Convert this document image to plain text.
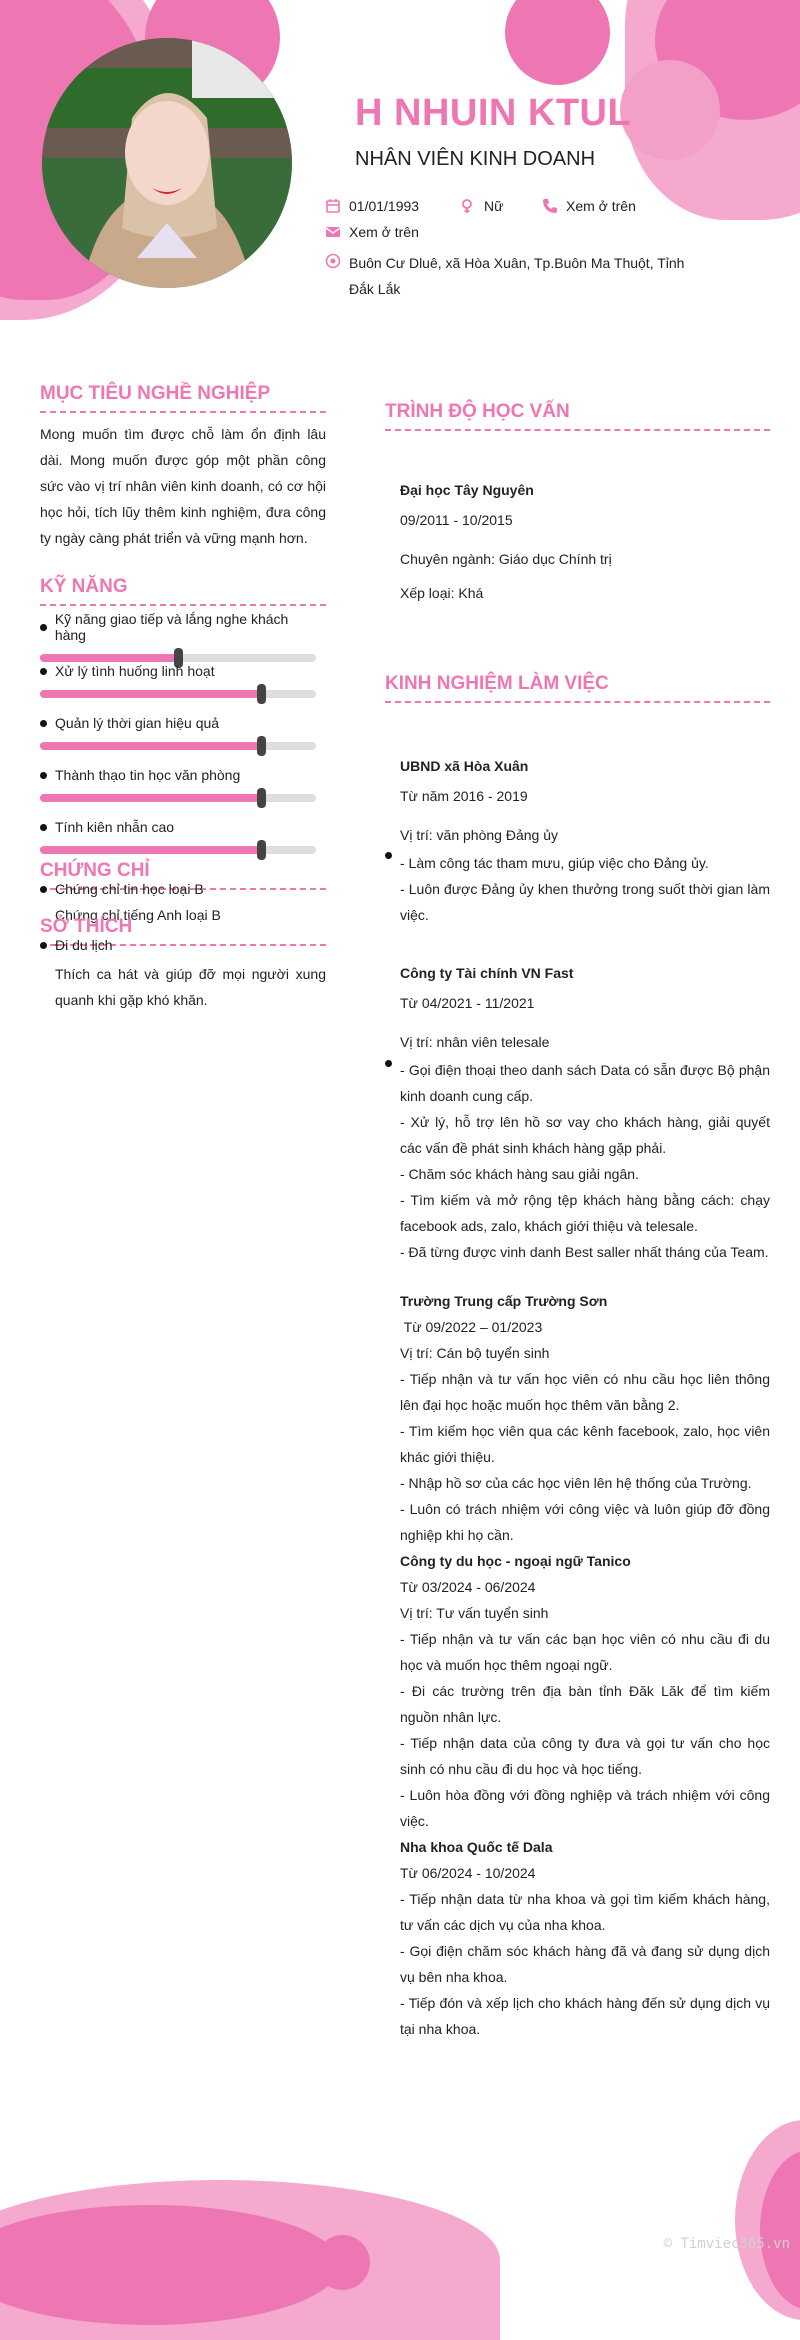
H NHUIN KTUL
NHÂN VIÊN KINH DOANH
01/01/1993	Nữ	Xem ở trên
Xem ở trên
Buôn Cư Dluê, xã Hòa Xuân, Tp.Buôn Ma Thuột, Tỉnh
Đắk Lắk
MỤC TIÊU NGHỀ NGHIỆP
Mong muốn tìm được chỗ làm ổn định lâu dài. Mong muốn được góp một phần công sức vào vị trí nhân viên kinh doanh, có cơ hội học hỏi, tích lũy thêm kinh nghiệm, đưa công ty ngày càng phát triển và vững mạnh hơn.
KỸ NĂNG
Kỹ năng giao tiếp và lắng nghe khách hàng
Xử lý tình huống linh hoạt
Quản lý thời gian hiệu quả
Thành thạo tin học văn phòng
Tính kiên nhẫn cao
CHỨNG CHỈ
Chứng chỉ tin học loại B
Chứng chỉ tiếng Anh loại B
SỞ THÍCH
Đi du lịch
Thích ca hát và giúp đỡ mọi người xung quanh khi gặp khó khăn.
TRÌNH ĐỘ HỌC VẤN
Đại học Tây Nguyên
09/2011 - 10/2015
Chuyên ngành: Giáo dục Chính trị
Xếp loại: Khá
KINH NGHIỆM LÀM VIỆC
UBND xã Hòa Xuân
Từ năm 2016 - 2019
Vị trí: văn phòng Đảng ủy
- Làm công tác tham mưu, giúp việc cho Đảng ủy.
- Luôn được Đảng ủy khen thưởng trong suốt thời gian làm việc.
Công ty Tài chính VN Fast
Từ 04/2021 - 11/2021
Vị trí: nhân viên telesale
- Gọi điện thoại theo danh sách Data có sẵn được Bộ phận kinh doanh cung cấp.
- Xử lý, hỗ trợ lên hồ sơ vay cho khách hàng, giải quyết các vấn đề phát sinh khách hàng gặp phải.
- Chăm sóc khách hàng sau giải ngân.
- Tìm kiếm và mở rộng tệp khách hàng bằng cách: chạy facebook ads, zalo, khách giới thiệu và telesale.
- Đã từng được vinh danh Best saller nhất tháng của Team.
Trường Trung cấp Trường Sơn
Từ 09/2022 – 01/2023
Vị trí: Cán bộ tuyển sinh
- Tiếp nhận và tư vấn học viên có nhu cầu học liên thông lên đại học hoặc muốn học thêm văn bằng 2.
- Tìm kiếm học viên qua các kênh facebook, zalo, học viên khác giới thiệu.
- Nhập hồ sơ của các học viên lên hệ thống của Trường.
- Luôn có trách nhiệm với công việc và luôn giúp đỡ đồng nghiệp khi họ cần.
Công ty du học - ngoại ngữ Tanico
Từ 03/2024 - 06/2024
Vị trí: Tư vấn tuyển sinh
- Tiếp nhận và tư vấn các bạn học viên có nhu cầu đi du học và muốn học thêm ngoại ngữ.
- Đi các trường trên địa bàn tỉnh Đăk Lăk để tìm kiếm nguồn nhân lực.
- Tiếp nhận data của công ty đưa và gọi tư vấn cho học sinh có nhu cầu đi du học và học tiếng.
- Luôn hòa đồng với đồng nghiệp và trách nhiệm với công việc.
Nha khoa Quốc tế Dala
Từ 06/2024 - 10/2024
- Tiếp nhận data từ nha khoa và gọi tìm kiếm khách hàng, tư vấn các dịch vụ của nha khoa.
- Gọi điện chăm sóc khách hàng đã và đang sử dụng dịch vụ bên nha khoa.
- Tiếp đón và xếp lịch cho khách hàng đến sử dụng dịch vụ tại nha khoa.
© Timviec365.vn
